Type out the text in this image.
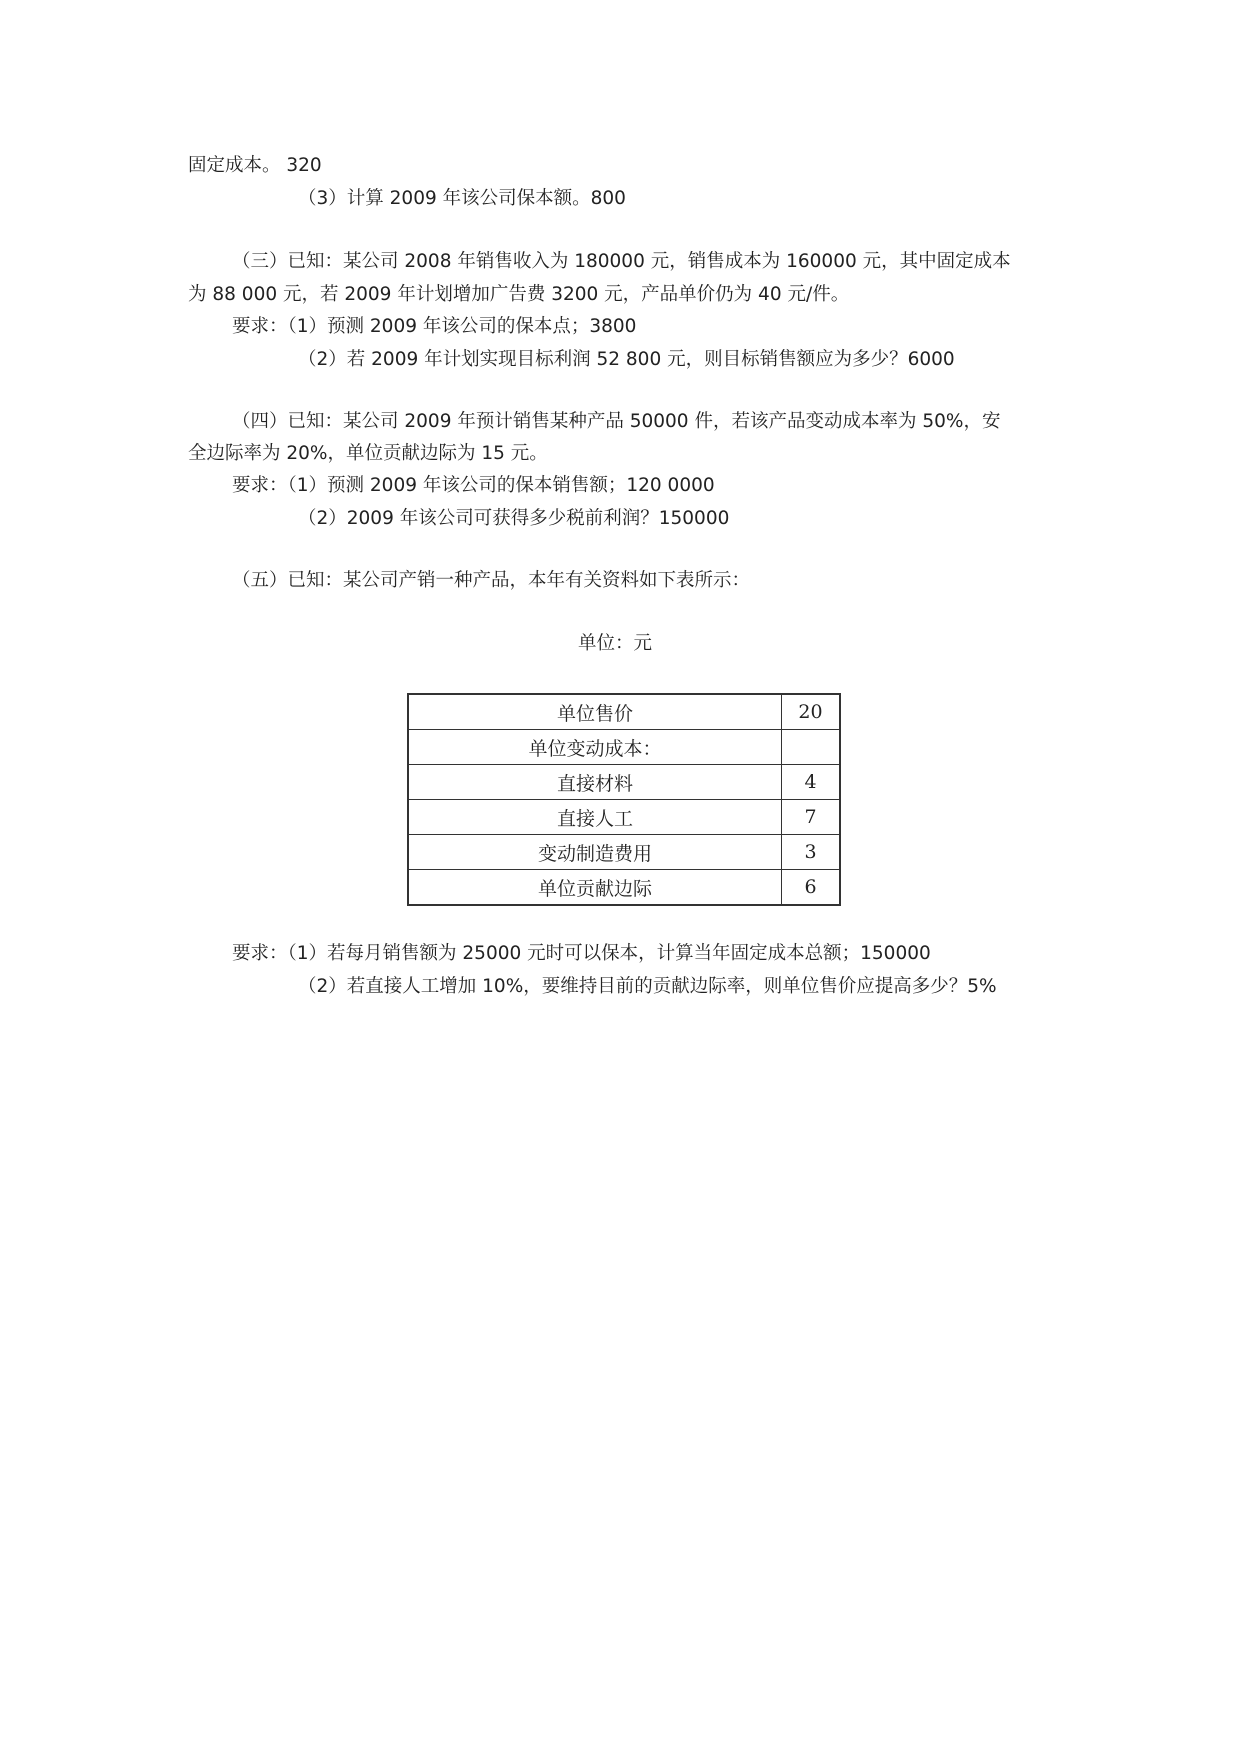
固定成本。 320
（3）计算 2009 年该公司保本额。800
（三）已知：某公司 2008 年销售收入为 180000 元，销售成本为 160000 元，其中固定成本
为 88 000 元，若 2009 年计划增加广告费 3200 元，产品单价仍为 40 元/件。
要求：（1）预测 2009 年该公司的保本点；3800
（2）若 2009 年计划实现目标利润 52 800 元，则目标销售额应为多少？6000
（四）已知：某公司 2009 年预计销售某种产品 50000 件，若该产品变动成本率为 50%，安
全边际率为 20%，单位贡献边际为 15 元。
要求：（1）预测 2009 年该公司的保本销售额；120 0000
（2）2009 年该公司可获得多少税前利润？150000
（五）已知：某公司产销一种产品，本年有关资料如下表所示：
单位：元
单位售价	20
单位变动成本：	
直接材料	4
直接人工	7
变动制造费用	3
单位贡献边际	6
要求：（1）若每月销售额为 25000 元时可以保本，计算当年固定成本总额；150000
（2）若直接人工增加 10%，要维持目前的贡献边际率，则单位售价应提高多少？5%
